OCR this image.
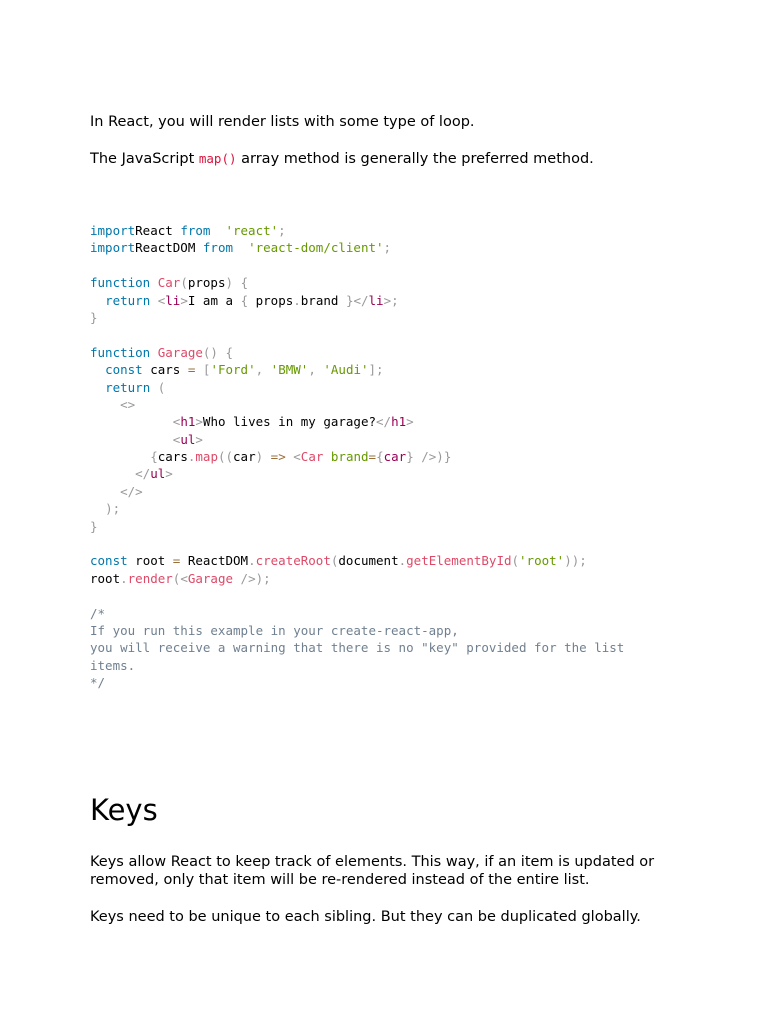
In React, you will render lists with some type of loop.

The JavaScript map() array method is generally the preferred method.

importReact from 'react';
importReactDOM from 'react-dom/client';

function Car(props) {
return <li>I am a { props.brand }</li>;
}

function Garage() {
const cars = ['Ford', 'BMW', 'Audi'];
return (
<>
<h1>Who lives in my garage?</h1>
<ul>
{cars.map((car) => <Car brand={car} />)}
</ul>
</>
);
}

const root = ReactDOM.createRoot(document.getElementById('root'));
root.render(<Garage />);

/*
If you run this example in your create-react-app,
you will receive a warning that there is no "key" provided for the list
items.
*/
Keys

Keys allow React to keep track of elements. This way, if an item is updated or removed, only that item will be re-rendered instead of the entire list.

Keys need to be unique to each sibling. But they can be duplicated globally.
